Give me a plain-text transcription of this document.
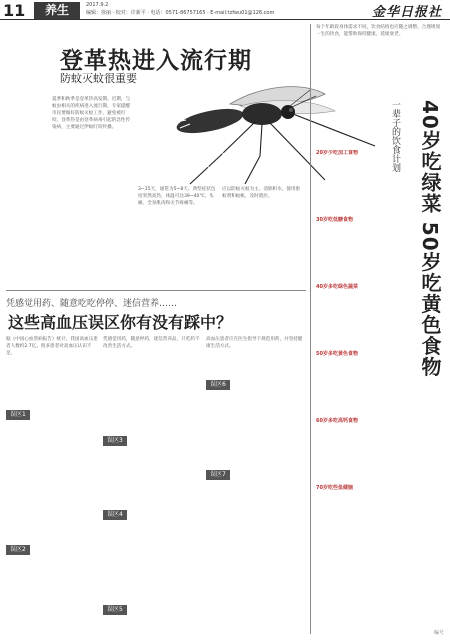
11	养生	2017.9.2
编辑：徐丽 · 校对：许新平 · 电话：0571-86757165 · E-mail:tzfwu01@126.com	金华日报社
登革热进入流行期
防蚊灭蚊很重要
夏季和秋季是登革热高发期。近期，与蚊虫相关的疾病进入流行期，专家提醒市民要做好防蚊灭蚊工作，避免被叮咬。登革热是由登革病毒引起的急性传染病，主要通过伊蚊叮咬传播。
3~15天，通常为5~8天。典型症状包括突然高热，体温可达39~40℃，头痛、全身肌肉和关节疼痛等。
应以防蚊灭蚊为主。清除积水，使用驱蚊剂和蚊帐，及时就医。
凭感觉用药、随意吃吃停停、迷信营养……
这些高血压误区你有没有踩中？
据《中国心血管病报告》统计，我国高血压患者人数约2.7亿。很多患者对高血压认识不足。
误区1
误区2
误区3
误区4
误区5
误区6
误区7
凭感觉用药，随意停药，迷信营养品，只吃药不改善生活方式。
高血压患者应在医生指导下规范用药，并坚持健康生活方式。
一辈子的饮食计划 40岁吃绿菜 50岁吃黄色食物
每个年龄段身体需求不同，饮食结构也应随之调整。合理规划一生的饮食，能帮助保持健康、延缓衰老。
20岁少吃加工食物
30岁吃低糖食物
40岁多吃绿色蔬菜
50岁多吃黄色食物
60岁多吃高钙食物
70岁吃些鱼健脑
编号
